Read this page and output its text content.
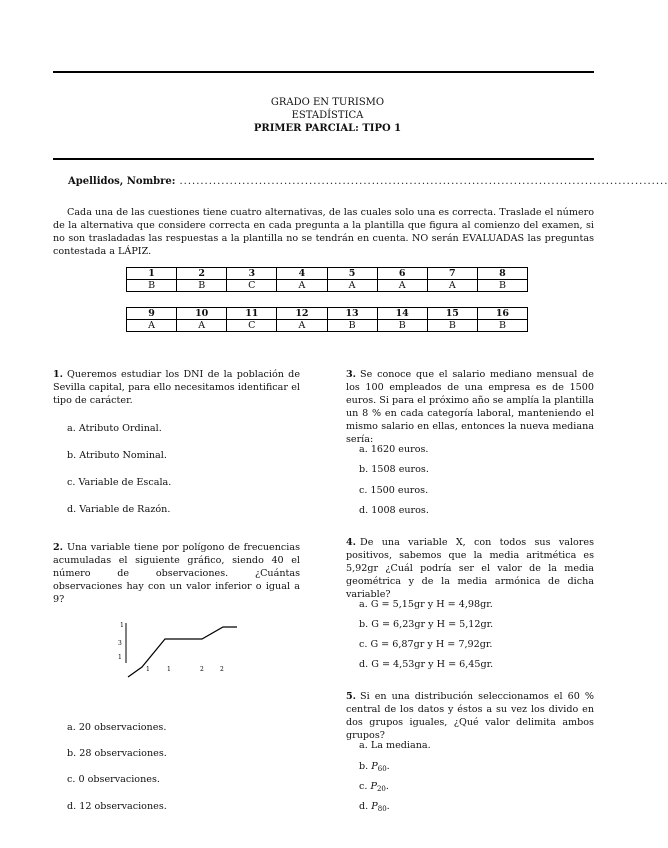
GRADO EN TURISMO
ESTADÍSTICA
PRIMER PARCIAL: TIPO 1
Apellidos, Nombre: .....................................................................................................................
Cada una de las cuestiones tiene cuatro alternativas, de las cuales solo una es correcta. Traslade el número de la alternativa que considere correcta en cada pregunta a la plantilla que figura al comienzo del examen, si no son trasladadas las respuestas a la plantilla no se tendrán en cuenta. NO serán EVALUADAS las preguntas contestada a LÁPIZ.
1	2	3	4	5	6	7	8
B	B	C	A	A	A	A	B
9	10	11	12	13	14	15	16
A	A	C	A	B	B	B	B
1. Queremos estudiar los DNI de la población de Sevilla capital, para ello necesitamos identificar el tipo de carácter.
a. Atributo Ordinal.
b. Atributo Nominal.
c. Variable de Escala.
d. Variable de Razón.
2. Una variable tiene por polígono de frecuencias acumuladas el siguiente gráfico, siendo 40 el número de observaciones. ¿Cuántas observaciones hay con un valor inferior o igual a 9?
1
3
1
1	1	2	2
a. 20 observaciones.
b. 28 observaciones.
c. 0 observaciones.
d. 12 observaciones.
3. Se conoce que el salario mediano mensual de los 100 empleados de una empresa es de 1500 euros. Si para el próximo año se amplía la plantilla un 8 % en cada categoría laboral, manteniendo el mismo salario en ellas, entonces la nueva mediana sería:
a. 1620 euros.
b. 1508 euros.
c. 1500 euros.
d. 1008 euros.
4. De una variable X, con todos sus valores positivos, sabemos que la media aritmética es 5,92gr ¿Cuál podría ser el valor de la media geométrica y de la media armónica de dicha variable?
a. G = 5,15gr y H = 4,98gr.
b. G = 6,23gr y H = 5,12gr.
c. G = 6,87gr y H = 7,92gr.
d. G = 4,53gr y H = 6,45gr.
5. Si en una distribución seleccionamos el 60 % central de los datos y éstos a su vez los divido en dos grupos iguales, ¿Qué valor delimita ambos grupos?
a. La mediana.
b. $P_{60}$.
c. $P_{20}$.
d. $P_{80}$.
